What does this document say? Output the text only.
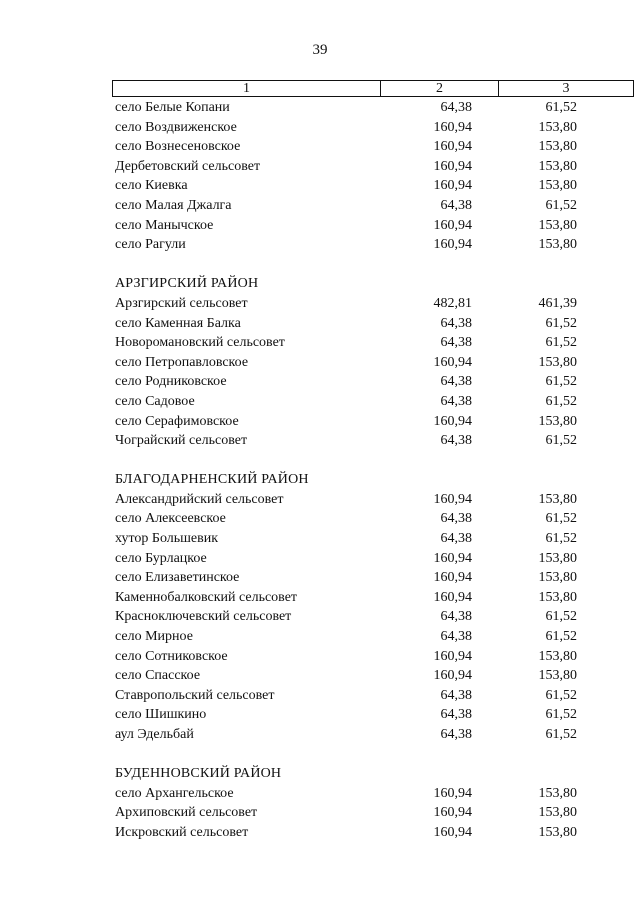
39
1	2	3
село Белые Копани	64,38	61,52
село Воздвиженское	160,94	153,80
село Вознесеновское	160,94	153,80
Дербетовский сельсовет	160,94	153,80
село Киевка	160,94	153,80
село Малая Джалга	64,38	61,52
село Манычское	160,94	153,80
село Рагули	160,94	153,80
АРЗГИРСКИЙ РАЙОН
Арзгирский сельсовет	482,81	461,39
село Каменная Балка	64,38	61,52
Новоромановский сельсовет	64,38	61,52
село Петропавловское	160,94	153,80
село Родниковское	64,38	61,52
село Садовое	64,38	61,52
село Серафимовское	160,94	153,80
Чограйский сельсовет	64,38	61,52
БЛАГОДАРНЕНСКИЙ РАЙОН
Александрийский сельсовет	160,94	153,80
село Алексеевское	64,38	61,52
хутор Большевик	64,38	61,52
село Бурлацкое	160,94	153,80
село Елизаветинское	160,94	153,80
Каменнобалковский сельсовет	160,94	153,80
Красноключевский сельсовет	64,38	61,52
село Мирное	64,38	61,52
село Сотниковское	160,94	153,80
село Спасское	160,94	153,80
Ставропольский сельсовет	64,38	61,52
село Шишкино	64,38	61,52
аул Эдельбай	64,38	61,52
БУДЕННОВСКИЙ РАЙОН
село Архангельское	160,94	153,80
Архиповский сельсовет	160,94	153,80
Искровский сельсовет	160,94	153,80
